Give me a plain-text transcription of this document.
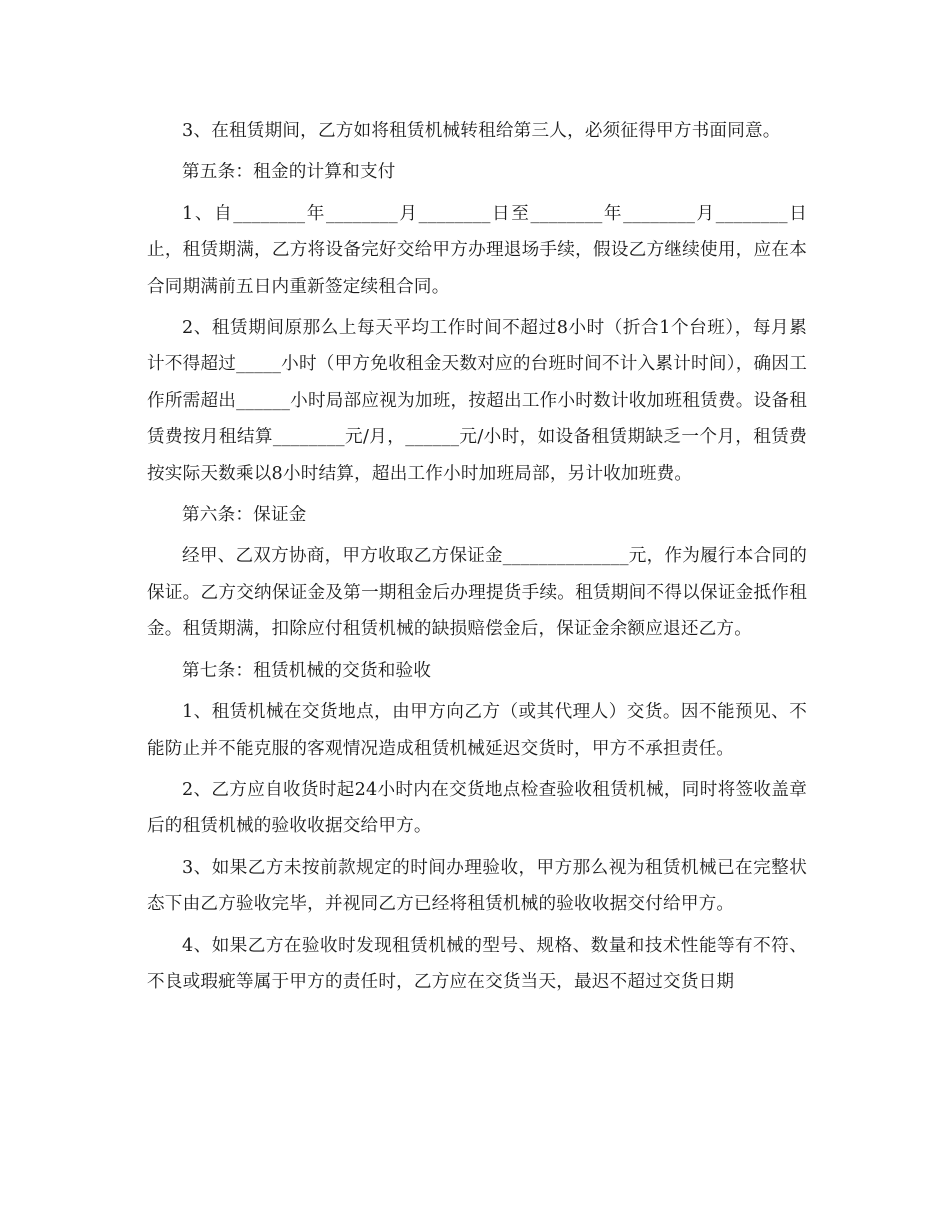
3、在租赁期间，乙方如将租赁机械转租给第三人，必须征得甲方书面同意。

第五条：租金的计算和支付

1、自________年________月________日至________年________月________日止，租赁期满，乙方将设备完好交给甲方办理退场手续，假设乙方继续使用，应在本合同期满前五日内重新签定续租合同。

2、租赁期间原那么上每天平均工作时间不超过8小时（折合1个台班），每月累计不得超过_____小时（甲方免收租金天数对应的台班时间不计入累计时间），确因工作所需超出______小时局部应视为加班，按超出工作小时数计收加班租赁费。设备租赁费按月租结算________元/月，______元/小时，如设备租赁期缺乏一个月，租赁费按实际天数乘以8小时结算，超出工作小时加班局部，另计收加班费。

第六条：保证金

经甲、乙双方协商，甲方收取乙方保证金______________元，作为履行本合同的保证。乙方交纳保证金及第一期租金后办理提货手续。租赁期间不得以保证金抵作租金。租赁期满，扣除应付租赁机械的缺损赔偿金后，保证金余额应退还乙方。

第七条：租赁机械的交货和验收

1、租赁机械在交货地点，由甲方向乙方（或其代理人）交货。因不能预见、不能防止并不能克服的客观情况造成租赁机械延迟交货时，甲方不承担责任。

2、乙方应自收货时起24小时内在交货地点检查验收租赁机械，同时将签收盖章后的租赁机械的验收收据交给甲方。

3、如果乙方未按前款规定的时间办理验收，甲方那么视为租赁机械已在完整状态下由乙方验收完毕，并视同乙方已经将租赁机械的验收收据交付给甲方。

4、如果乙方在验收时发现租赁机械的型号、规格、数量和技术性能等有不符、不良或瑕疵等属于甲方的责任时，乙方应在交货当天，最迟不超过交货日期
